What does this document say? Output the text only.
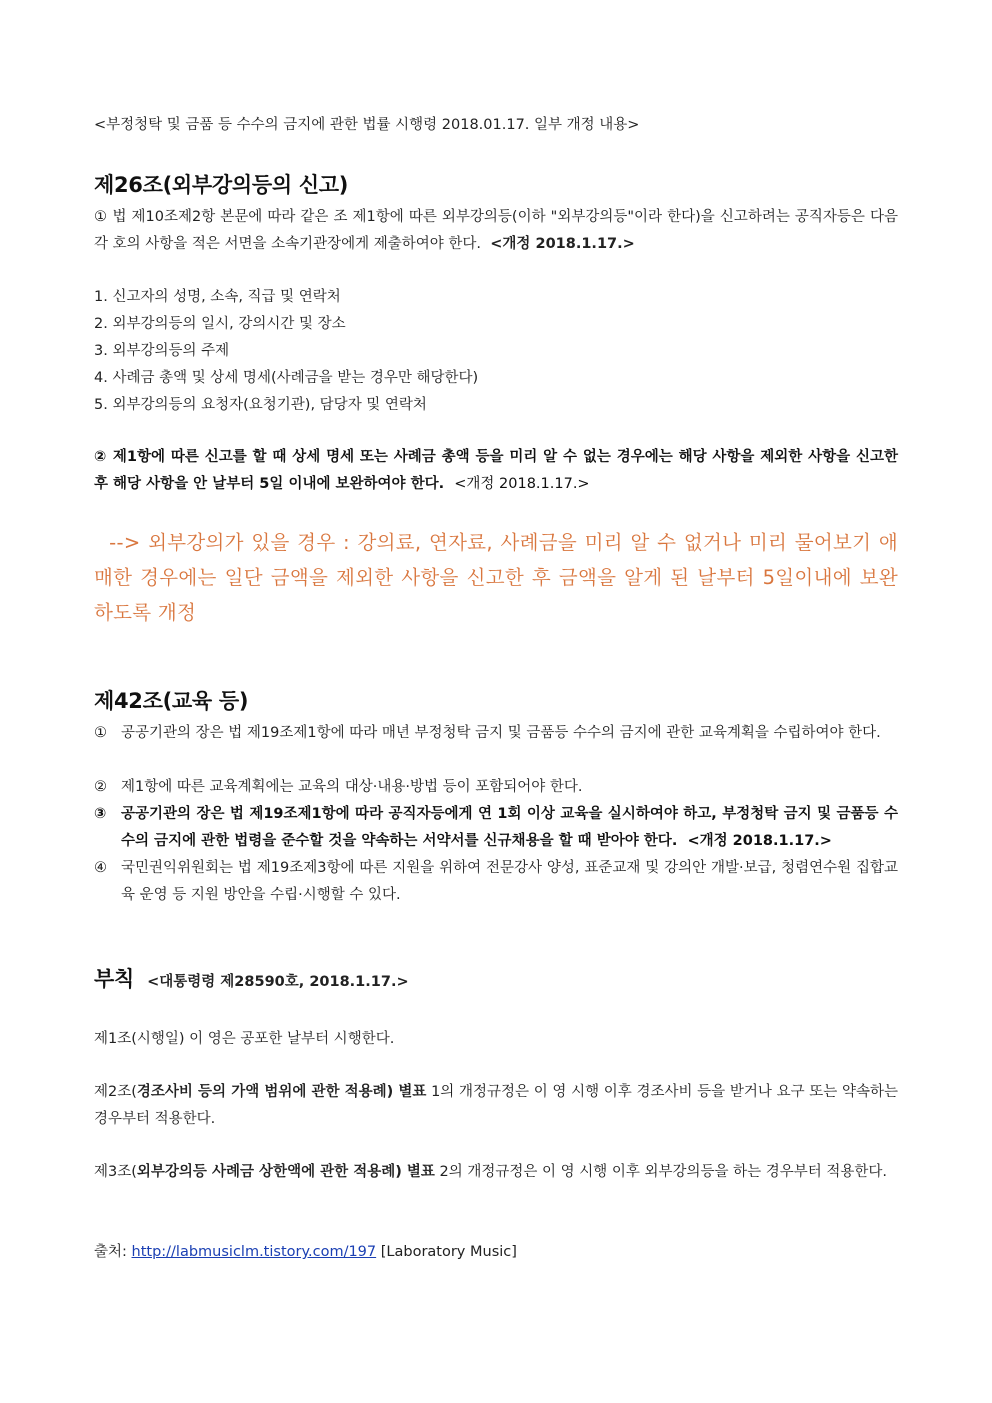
<부정청탁 및 금품 등 수수의 금지에 관한 법률 시행령 2018.01.17. 일부 개정 내용>
제26조(외부강의등의 신고)
① 법 제10조제2항 본문에 따라 같은 조 제1항에 따른 외부강의등(이하 "외부강의등"이라 한다)을 신고하려는 공직자등은 다음 각 호의 사항을 적은 서면을 소속기관장에게 제출하여야 한다. <개정 2018.1.17.>
1. 신고자의 성명, 소속, 직급 및 연락처
2. 외부강의등의 일시, 강의시간 및 장소
3. 외부강의등의 주제
4. 사례금 총액 및 상세 명세(사례금을 받는 경우만 해당한다)
5. 외부강의등의 요청자(요청기관), 담당자 및 연락처
② 제1항에 따른 신고를 할 때 상세 명세 또는 사례금 총액 등을 미리 알 수 없는 경우에는 해당 사항을 제외한 사항을 신고한 후 해당 사항을 안 날부터 5일 이내에 보완하여야 한다. <개정 2018.1.17.>
--> 외부강의가 있을 경우 : 강의료, 연자료, 사례금을 미리 알 수 없거나 미리 물어보기 애매한 경우에는 일단 금액을 제외한 사항을 신고한 후 금액을 알게 된 날부터 5일이내에 보완하도록 개정
제42조(교육 등)
① 공공기관의 장은 법 제19조제1항에 따라 매년 부정청탁 금지 및 금품등 수수의 금지에 관한 교육계획을 수립하여야 한다.
② 제1항에 따른 교육계획에는 교육의 대상·내용·방법 등이 포함되어야 한다.
③ 공공기관의 장은 법 제19조제1항에 따라 공직자등에게 연 1회 이상 교육을 실시하여야 하고, 부정청탁 금지 및 금품등 수수의 금지에 관한 법령을 준수할 것을 약속하는 서약서를 신규채용을 할 때 받아야 한다. <개정 2018.1.17.>
④ 국민권익위원회는 법 제19조제3항에 따른 지원을 위하여 전문강사 양성, 표준교재 및 강의안 개발·보급, 청렴연수원 집합교육 운영 등 지원 방안을 수립·시행할 수 있다.
부칙 <대통령령 제28590호, 2018.1.17.>
제1조(시행일) 이 영은 공포한 날부터 시행한다.
제2조(경조사비 등의 가액 범위에 관한 적용례) 별표 1의 개정규정은 이 영 시행 이후 경조사비 등을 받거나 요구 또는 약속하는 경우부터 적용한다.
제3조(외부강의등 사례금 상한액에 관한 적용례) 별표 2의 개정규정은 이 영 시행 이후 외부강의등을 하는 경우부터 적용한다.
출처: http://labmusiclm.tistory.com/197 [Laboratory Music]
